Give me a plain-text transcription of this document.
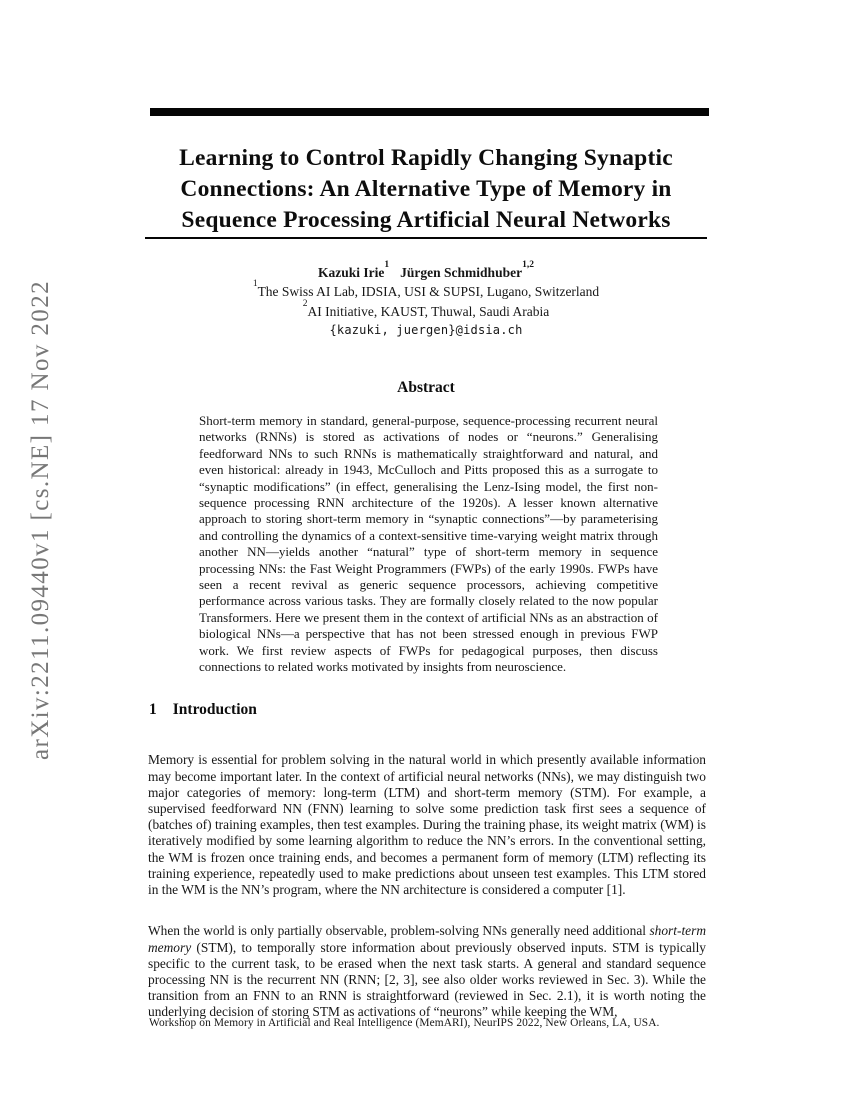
arXiv:2211.09440v1 [cs.NE] 17 Nov 2022
Learning to Control Rapidly Changing Synaptic
Connections: An Alternative Type of Memory in
Sequence Processing Artificial Neural Networks
Kazuki Irie$^1$ Jürgen Schmidhuber$^{1,2}$
$^1$The Swiss AI Lab, IDSIA, USI & SUPSI, Lugano, Switzerland
$^2$AI Initiative, KAUST, Thuwal, Saudi Arabia
{kazuki, juergen}@idsia.ch
Abstract
Short-term memory in standard, general-purpose, sequence-processing recurrent neural networks (RNNs) is stored as activations of nodes or “neurons.” Generalising feedforward NNs to such RNNs is mathematically straightforward and natural, and even historical: already in 1943, McCulloch and Pitts proposed this as a surrogate to “synaptic modifications” (in effect, generalising the Lenz-Ising model, the first non-sequence processing RNN architecture of the 1920s). A lesser known alternative approach to storing short-term memory in “synaptic connections”—by parameterising and controlling the dynamics of a context-sensitive time-varying weight matrix through another NN—yields another “natural” type of short-term memory in sequence processing NNs: the Fast Weight Programmers (FWPs) of the early 1990s. FWPs have seen a recent revival as generic sequence processors, achieving competitive performance across various tasks. They are formally closely related to the now popular Transformers. Here we present them in the context of artificial NNs as an abstraction of biological NNs—a perspective that has not been stressed enough in previous FWP work. We first review aspects of FWPs for pedagogical purposes, then discuss connections to related works motivated by insights from neuroscience.
1 Introduction

Memory is essential for problem solving in the natural world in which presently available information may become important later. In the context of artificial neural networks (NNs), we may distinguish two major categories of memory: long-term (LTM) and short-term memory (STM). For example, a supervised feedforward NN (FNN) learning to solve some prediction task first sees a sequence of (batches of) training examples, then test examples. During the training phase, its weight matrix (WM) is iteratively modified by some learning algorithm to reduce the NN’s errors. In the conventional setting, the WM is frozen once training ends, and becomes a permanent form of memory (LTM) reflecting its training experience, repeatedly used to make predictions about unseen test examples. This LTM stored in the WM is the NN’s program, where the NN architecture is considered a computer [1].

When the world is only partially observable, problem-solving NNs generally need additional short-term memory (STM), to temporally store information about previously observed inputs. STM is typically specific to the current task, to be erased when the next task starts. A general and standard sequence processing NN is the recurrent NN (RNN; [2, 3], see also older works reviewed in Sec. 3). While the transition from an FNN to an RNN is straightforward (reviewed in Sec. 2.1), it is worth noting the underlying decision of storing STM as activations of “neurons” while keeping the WM,

Workshop on Memory in Artificial and Real Intelligence (MemARI), NeurIPS 2022, New Orleans, LA, USA.
